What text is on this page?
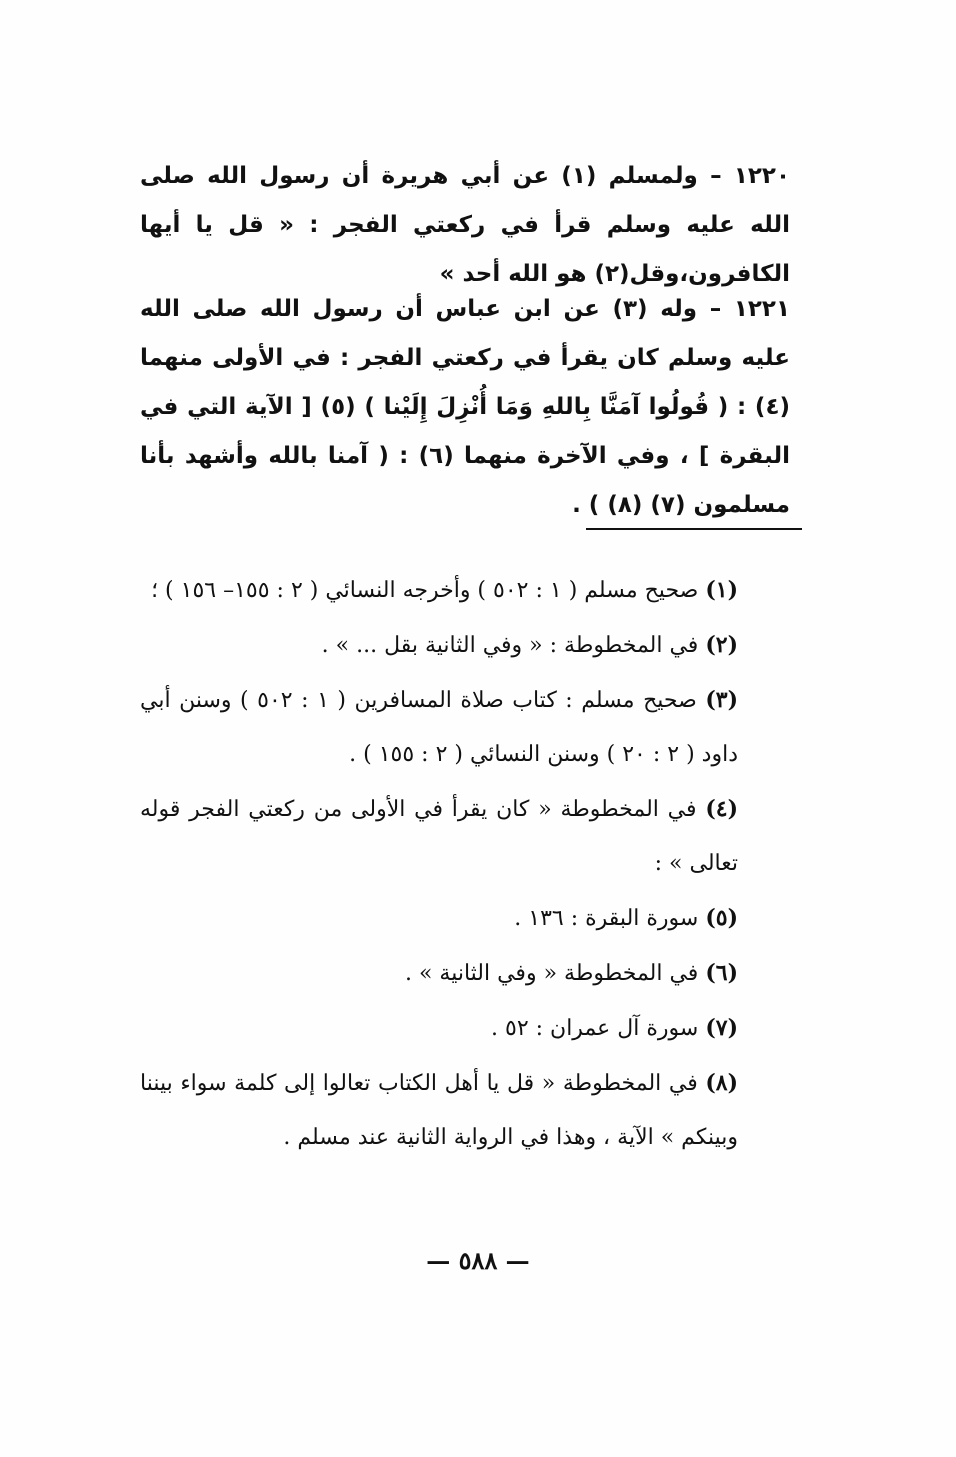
١٢٢٠ – ولمسلم (١) عن أبي هريرة أن رسول الله صلى الله عليه وسلم قرأ في ركعتي الفجر : « قل يا أيها الكافرون،وقل(٢) هو الله أحد »

١٢٢١ – وله (٣) عن ابن عباس أن رسول الله صلى الله عليه وسلم كان يقرأ في ركعتي الفجر : في الأولى منهما (٤) : ( قُولُوا آمَنَّا بِاللهِ وَمَا أُنْزِلَ إِلَيْنا ) (٥) [ الآية التي في البقرة ] ، وفي الآخرة منهما (٦) : ( آمنا بالله وأشهد بأنا مسلمون (٧) (٨) ) .

(١) صحيح مسلم ( ١ : ٥٠٢ ) وأخرجه النسائي ( ٢ : ١٥٥– ١٥٦ ) ؛

(٢) في المخطوطة : « وفي الثانية بقل ... » .

(٣) صحيح مسلم : كتاب صلاة المسافرين ( ١ : ٥٠٢ ) وسنن أبي داود ( ٢ : ٢٠ ) وسنن النسائي ( ٢ : ١٥٥ ) .

(٤) في المخطوطة « كان يقرأ في الأولى من ركعتي الفجر قوله تعالى » :

(٥) سورة البقرة : ١٣٦ .

(٦) في المخطوطة « وفي الثانية » .

(٧) سورة آل عمران : ٥٢ .

(٨) في المخطوطة « قل يا أهل الكتاب تعالوا إلى كلمة سواء بيننا وبينكم » الآية ، وهذا في الرواية الثانية عند مسلم .

— ٥٨٨ —
